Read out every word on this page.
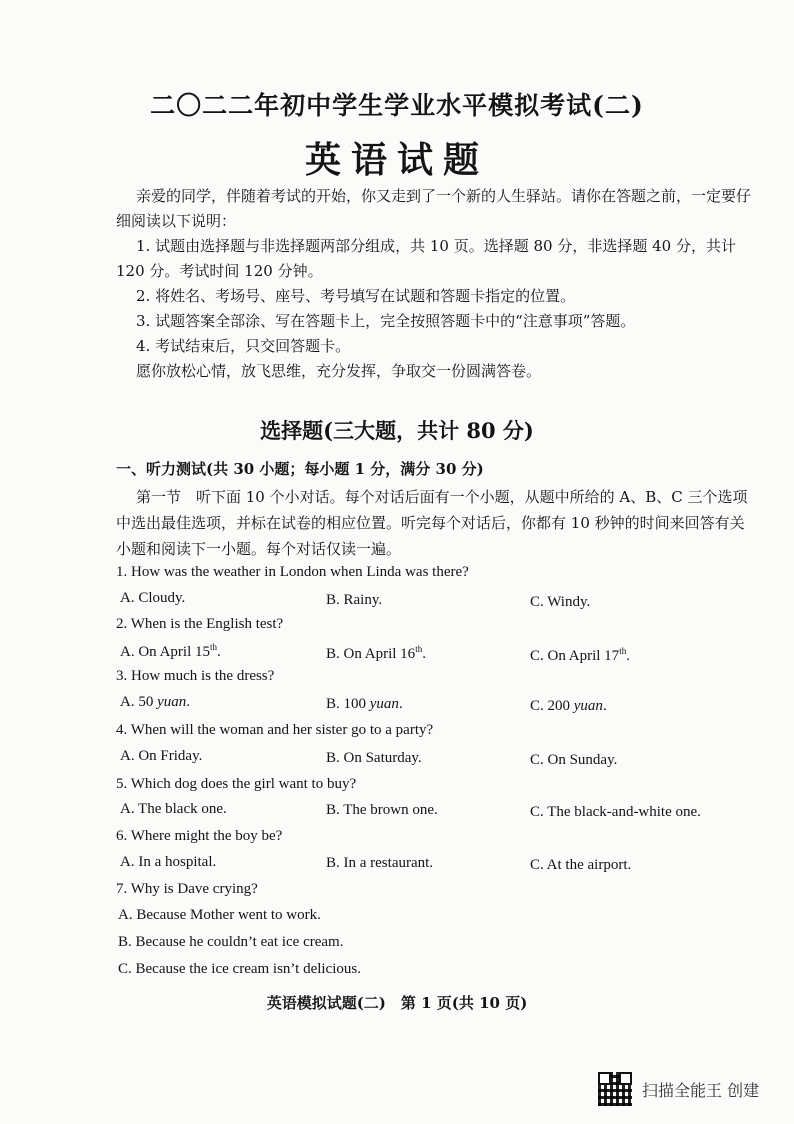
二〇二二年初中学生学业水平模拟考试(二)
英语试题

亲爱的同学，伴随着考试的开始，你又走到了一个新的人生驿站。请你在答题之前，一定要仔细阅读以下说明：

1. 试题由选择题与非选择题两部分组成，共 10 页。选择题 80 分，非选择题 40 分，共计 120 分。考试时间 120 分钟。

2. 将姓名、考场号、座号、考号填写在试题和答题卡指定的位置。

3. 试题答案全部涂、写在答题卡上，完全按照答题卡中的“注意事项”答题。

4. 考试结束后，只交回答题卡。

愿你放松心情，放飞思维，充分发挥，争取交一份圆满答卷。

选择题(三大题，共计 80 分)
一、听力测试(共 30 小题；每小题 1 分，满分 30 分)

第一节　听下面 10 个小对话。每个对话后面有一个小题，从题中所给的 A、B、C 三个选项中选出最佳选项，并标在试卷的相应位置。听完每个对话后，你都有 10 秒钟的时间来回答有关小题和阅读下一小题。每个对话仅读一遍。

1. How was the weather in London when Linda was there?
A. Cloudy.	B. Rainy.	C. Windy.
2. When is the English test?
A. On April 15th.	B. On April 16th.	C. On April 17th.
3. How much is the dress?
A. 50 yuan.	B. 100 yuan.	C. 200 yuan.
4. When will the woman and her sister go to a party?
A. On Friday.	B. On Saturday.	C. On Sunday.
5. Which dog does the girl want to buy?
A. The black one.	B. The brown one.	C. The black-and-white one.
6. Where might the boy be?
A. In a hospital.	B. In a restaurant.	C. At the airport.
7. Why is Dave crying?
A. Because Mother went to work.
B. Because he couldn’t eat ice cream.
C. Because the ice cream isn’t delicious.
英语模拟试题(二)　第 1 页(共 10 页)
扫描全能王 创建
